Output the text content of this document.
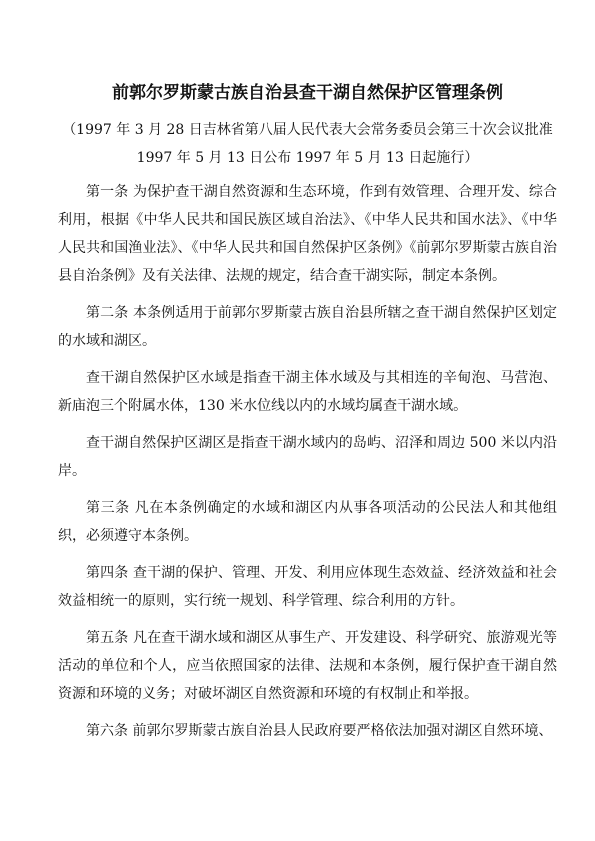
前郭尔罗斯蒙古族自治县查干湖自然保护区管理条例

（1997 年 3 月 28 日吉林省第八届人民代表大会常务委员会第三十次会议批准
1997 年 5 月 13 日公布 1997 年 5 月 13 日起施行）

第一条 为保护查干湖自然资源和生态环境，作到有效管理、合理开发、综合利用，根据《中华人民共和国民族区域自治法》、《中华人民共和国水法》、《中华人民共和国渔业法》、《中华人民共和国自然保护区条例》《前郭尔罗斯蒙古族自治县自治条例》及有关法律、法规的规定，结合查干湖实际，制定本条例。

第二条 本条例适用于前郭尔罗斯蒙古族自治县所辖之查干湖自然保护区划定的水域和湖区。

查干湖自然保护区水域是指查干湖主体水域及与其相连的辛甸泡、马营泡、新庙泡三个附属水体，130 米水位线以内的水域均属查干湖水域。

查干湖自然保护区湖区是指查干湖水域内的岛屿、沼泽和周边 500 米以内沿岸。

第三条 凡在本条例确定的水域和湖区内从事各项活动的公民法人和其他组织，必须遵守本条例。

第四条 查干湖的保护、管理、开发、利用应体现生态效益、经济效益和社会效益相统一的原则，实行统一规划、科学管理、综合利用的方针。

第五条 凡在查干湖水域和湖区从事生产、开发建设、科学研究、旅游观光等活动的单位和个人，应当依照国家的法律、法规和本条例，履行保护查干湖自然资源和环境的义务；对破坏湖区自然资源和环境的有权制止和举报。

第六条 前郭尔罗斯蒙古族自治县人民政府要严格依法加强对湖区自然环境、
